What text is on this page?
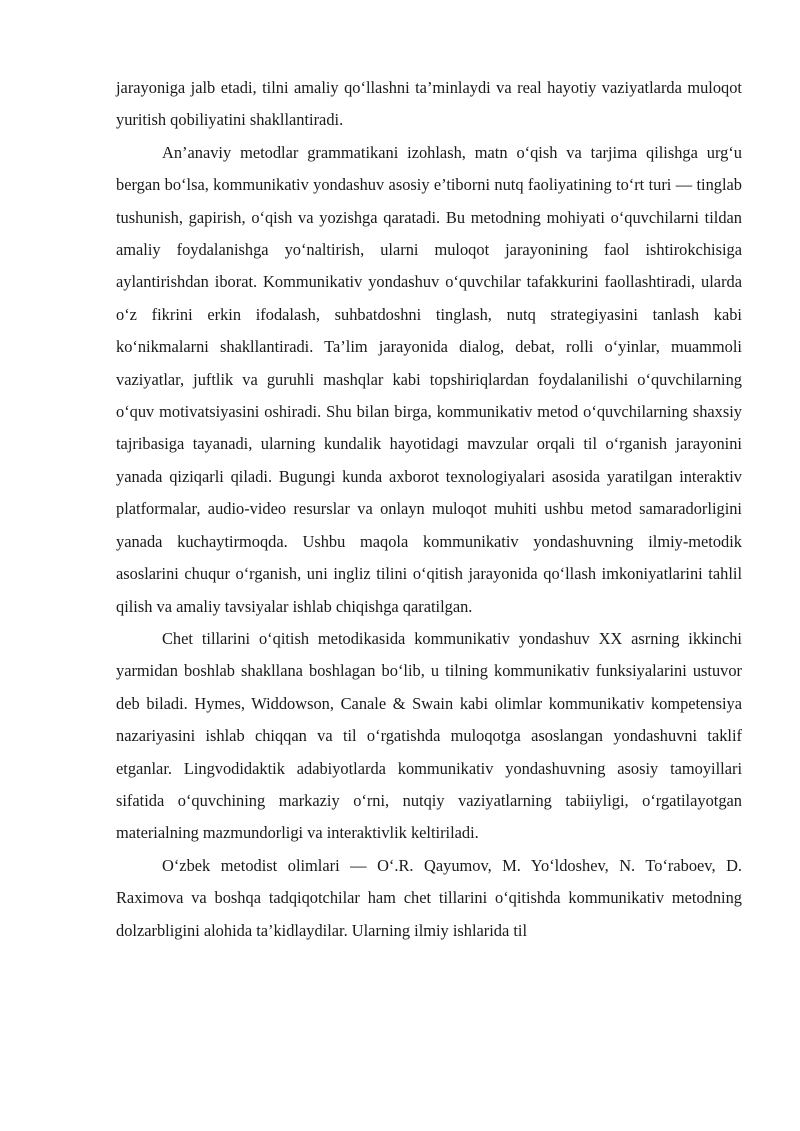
jarayoniga jalb etadi, tilni amaliy qo‘llashni ta’minlaydi va real hayotiy vaziyatlarda muloqot yuritish qobiliyatini shakllantiradi.

An’anaviy metodlar grammatikani izohlash, matn o‘qish va tarjima qilishga urg‘u bergan bo‘lsa, kommunikativ yondashuv asosiy e’tiborni nutq faoliyatining to‘rt turi — tinglab tushunish, gapirish, o‘qish va yozishga qaratadi. Bu metodning mohiyati o‘quvchilarni tildan amaliy foydalanishga yo‘naltirish, ularni muloqot jarayonining faol ishtirokchisiga aylantirishdan iborat. Kommunikativ yondashuv o‘quvchilar tafakkurini faollashtiradi, ularda o‘z fikrini erkin ifodalash, suhbatdoshni tinglash, nutq strategiyasini tanlash kabi ko‘nikmalarni shakllantiradi. Ta’lim jarayonida dialog, debat, rolli o‘yinlar, muammoli vaziyatlar, juftlik va guruhli mashqlar kabi topshiriqlardan foydalanilishi o‘quvchilarning o‘quv motivatsiyasini oshiradi. Shu bilan birga, kommunikativ metod o‘quvchilarning shaxsiy tajribasiga tayanadi, ularning kundalik hayotidagi mavzular orqali til o‘rganish jarayonini yanada qiziqarli qiladi. Bugungi kunda axborot texnologiyalari asosida yaratilgan interaktiv platformalar, audio-video resurslar va onlayn muloqot muhiti ushbu metod samaradorligini yanada kuchaytirmoqda. Ushbu maqola kommunikativ yondashuvning ilmiy-metodik asoslarini chuqur o‘rganish, uni ingliz tilini o‘qitish jarayonida qo‘llash imkoniyatlarini tahlil qilish va amaliy tavsiyalar ishlab chiqishga qaratilgan.

Chet tillarini o‘qitish metodikasida kommunikativ yondashuv XX asrning ikkinchi yarmidan boshlab shakllana boshlagan bo‘lib, u tilning kommunikativ funksiyalarini ustuvor deb biladi. Hymes, Widdowson, Canale & Swain kabi olimlar kommunikativ kompetensiya nazariyasini ishlab chiqqan va til o‘rgatishda muloqotga asoslangan yondashuvni taklif etganlar. Lingvodidaktik adabiyotlarda kommunikativ yondashuvning asosiy tamoyillari sifatida o‘quvchining markaziy o‘rni, nutqiy vaziyatlarning tabiiyligi, o‘rgatilayotgan materialning mazmundorligi va interaktivlik keltiriladi.

O‘zbek metodist olimlari — O‘.R. Qayumov, M. Yo‘ldoshev, N. To‘raboev, D. Raximova va boshqa tadqiqotchilar ham chet tillarini o‘qitishda kommunikativ metodning dolzarbligini alohida ta’kidlaydilar. Ularning ilmiy ishlarida til
